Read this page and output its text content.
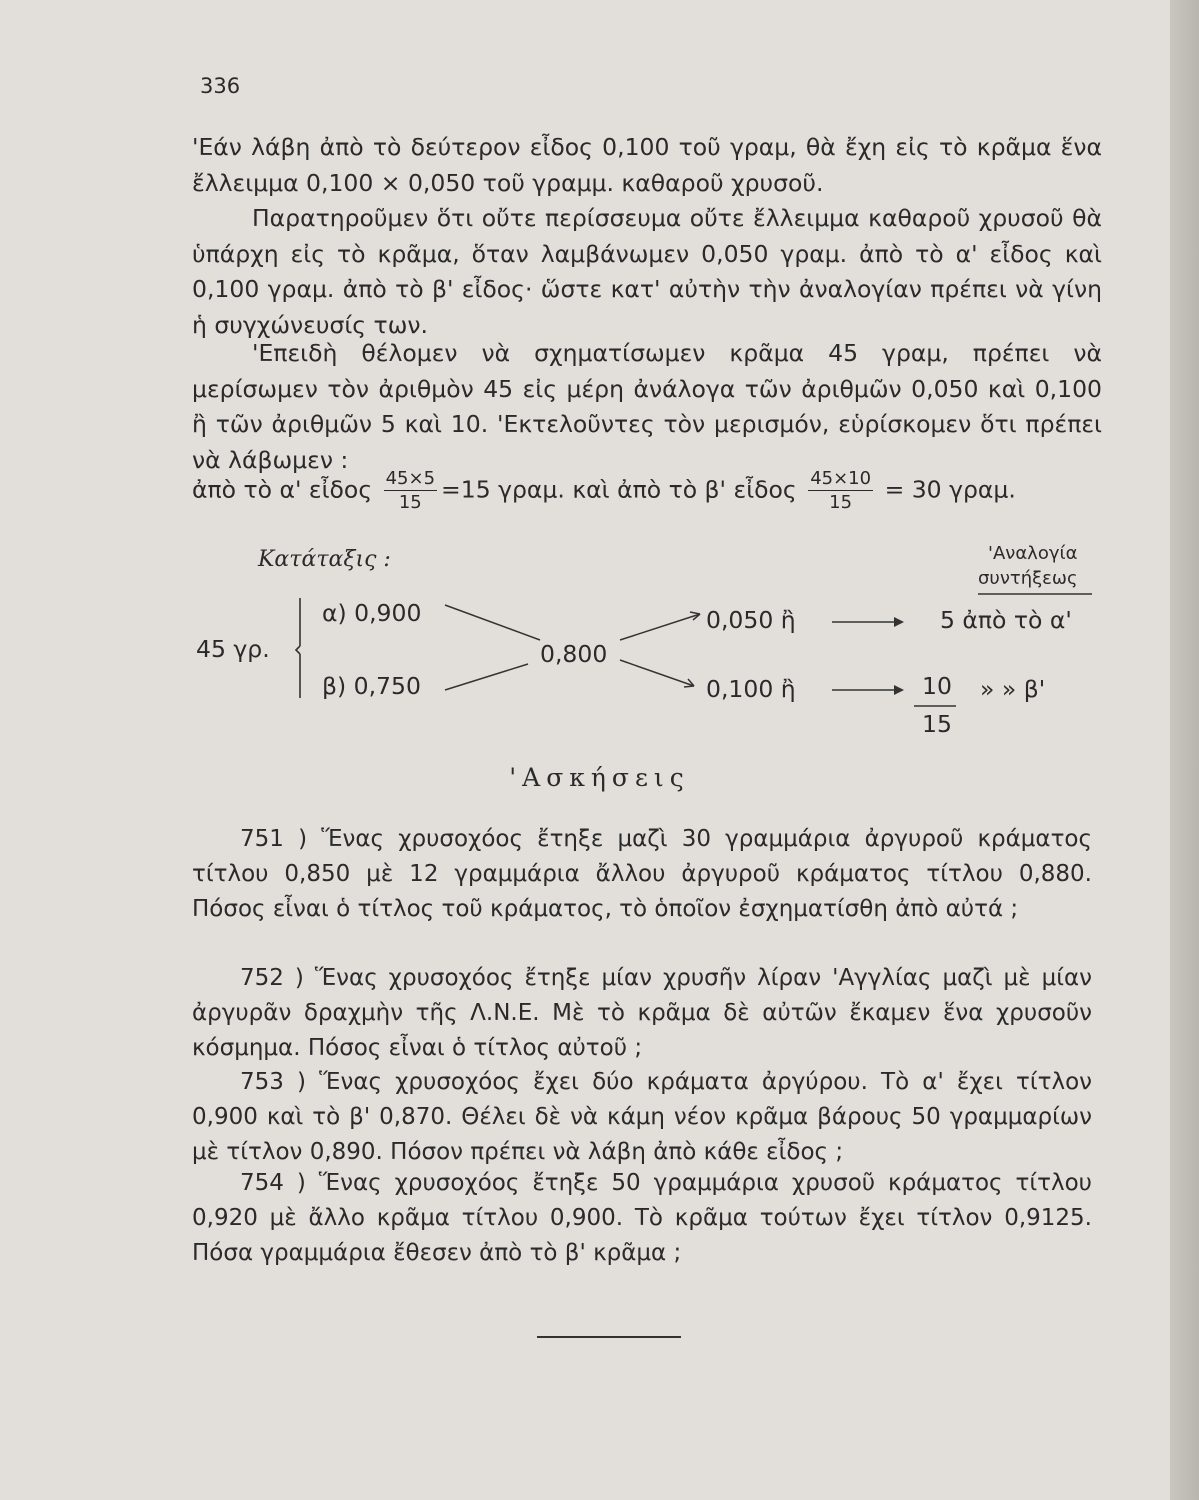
336
'Εάν λάβη ἀπὸ τὸ δεύτερον εἶδος 0,100 τοῦ γραμ, θὰ ἔχη εἰς τὸ κρᾶμα ἕνα ἔλλειμμα 0,100 × 0,050 τοῦ γραμμ. καθαροῦ χρυσοῦ.
Παρατηροῦμεν ὅτι οὔτε περίσσευμα οὔτε ἔλλειμμα καθαροῦ χρυσοῦ θὰ ὑπάρχη εἰς τὸ κρᾶμα, ὅταν λαμβάνωμεν 0,050 γραμ. ἀπὸ τὸ α' εἶδος καὶ 0,100 γραμ. ἀπὸ τὸ β' εἶδος· ὥστε κατ' αὐτὴν τὴν ἀναλογίαν πρέπει νὰ γίνη ἡ συγχώνευσίς των.
'Επειδὴ θέλομεν νὰ σχηματίσωμεν κρᾶμα 45 γραμ, πρέπει νὰ μερίσωμεν τὸν ἀριθμὸν 45 εἰς μέρη ἀνάλογα τῶν ἀριθμῶν 0,050 καὶ 0,100 ἢ τῶν ἀριθμῶν 5 καὶ 10. 'Εκτελοῦντες τὸν μερισμόν, εὑρίσκομεν ὅτι πρέπει νὰ λάβωμεν :
ἀπὸ τὸ α' εἶδος $\frac{45\times 5}{15} =15$ γραμ. καὶ ἀπὸ τὸ β' εἶδος $\frac{45\times 10}{15} = 30$ γραμ.
Κατάταξις :	'Αναλογία
συντήξεως
45 γρ.
α) 0,900
β) 0,750
0,800
0,050 ἢ
0,100 ἢ
5 ἀπὸ τὸ α'
10
15
» » β'
'Ασκήσεις
751 ) Ἕνας χρυσοχόος ἔτηξε μαζὶ 30 γραμμάρια ἀργυροῦ κράματος τίτλου 0,850 μὲ 12 γραμμάρια ἄλλου ἀργυροῦ κράματος τίτλου 0,880. Πόσος εἶναι ὁ τίτλος τοῦ κράματος, τὸ ὁποῖον ἐσχηματίσθη ἀπὸ αὐτά ;
752 ) Ἕνας χρυσοχόος ἔτηξε μίαν χρυσῆν λίραν 'Αγγλίας μαζὶ μὲ μίαν ἀργυρᾶν δραχμὴν τῆς Λ.Ν.Ε. Μὲ τὸ κρᾶμα δὲ αὐτῶν ἔκαμεν ἕνα χρυσοῦν κόσμημα. Πόσος εἶναι ὁ τίτλος αὐτοῦ ;
753 ) Ἕνας χρυσοχόος ἔχει δύο κράματα ἀργύρου. Τὸ α' ἔχει τίτλον 0,900 καὶ τὸ β' 0,870. Θέλει δὲ νὰ κάμη νέον κρᾶμα βάρους 50 γραμμαρίων μὲ τίτλον 0,890. Πόσον πρέπει νὰ λάβη ἀπὸ κάθε εἶδος ;
754 ) Ἕνας χρυσοχόος ἔτηξε 50 γραμμάρια χρυσοῦ κράματος τίτλου 0,920 μὲ ἄλλο κρᾶμα τίτλου 0,900. Τὸ κρᾶμα τούτων ἔχει τίτλον 0,9125. Πόσα γραμμάρια ἔθεσεν ἀπὸ τὸ β' κρᾶμα ;
